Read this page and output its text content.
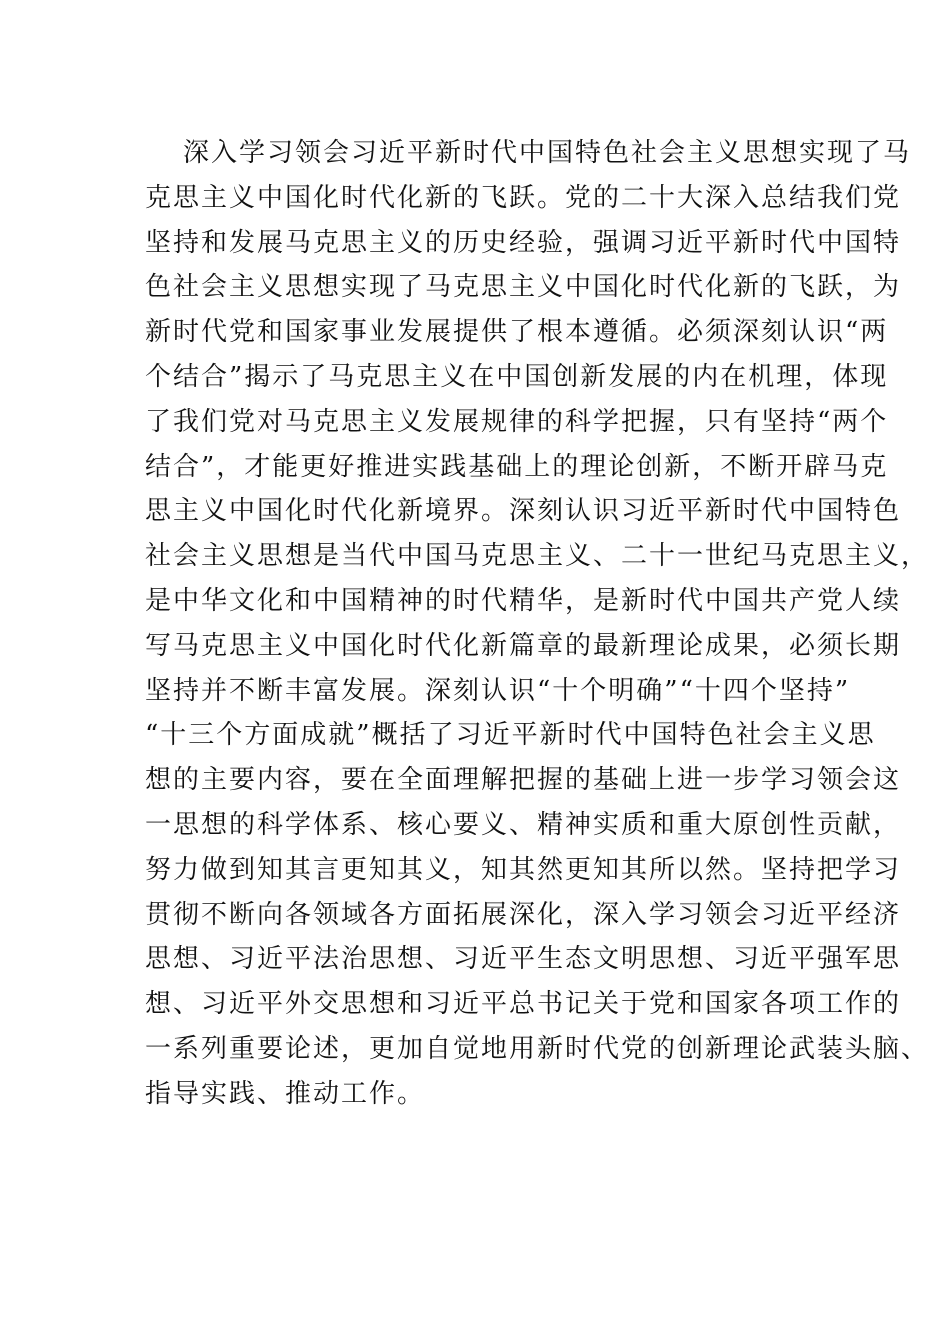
深入学习领会习近平新时代中国特色社会主义思想实现了马
克思主义中国化时代化新的飞跃。党的二十大深入总结我们党
坚持和发展马克思主义的历史经验，强调习近平新时代中国特
色社会主义思想实现了马克思主义中国化时代化新的飞跃，为
新时代党和国家事业发展提供了根本遵循。必须深刻认识“两
个结合”揭示了马克思主义在中国创新发展的内在机理，体现
了我们党对马克思主义发展规律的科学把握，只有坚持“两个
结合”，才能更好推进实践基础上的理论创新，不断开辟马克
思主义中国化时代化新境界。深刻认识习近平新时代中国特色
社会主义思想是当代中国马克思主义、二十一世纪马克思主义，
是中华文化和中国精神的时代精华，是新时代中国共产党人续
写马克思主义中国化时代化新篇章的最新理论成果，必须长期
坚持并不断丰富发展。深刻认识“十个明确”“十四个坚持”
“十三个方面成就”概括了习近平新时代中国特色社会主义思
想的主要内容，要在全面理解把握的基础上进一步学习领会这
一思想的科学体系、核心要义、精神实质和重大原创性贡献，
努力做到知其言更知其义，知其然更知其所以然。坚持把学习
贯彻不断向各领域各方面拓展深化，深入学习领会习近平经济
思想、习近平法治思想、习近平生态文明思想、习近平强军思
想、习近平外交思想和习近平总书记关于党和国家各项工作的
一系列重要论述，更加自觉地用新时代党的创新理论武装头脑、
指导实践、推动工作。
